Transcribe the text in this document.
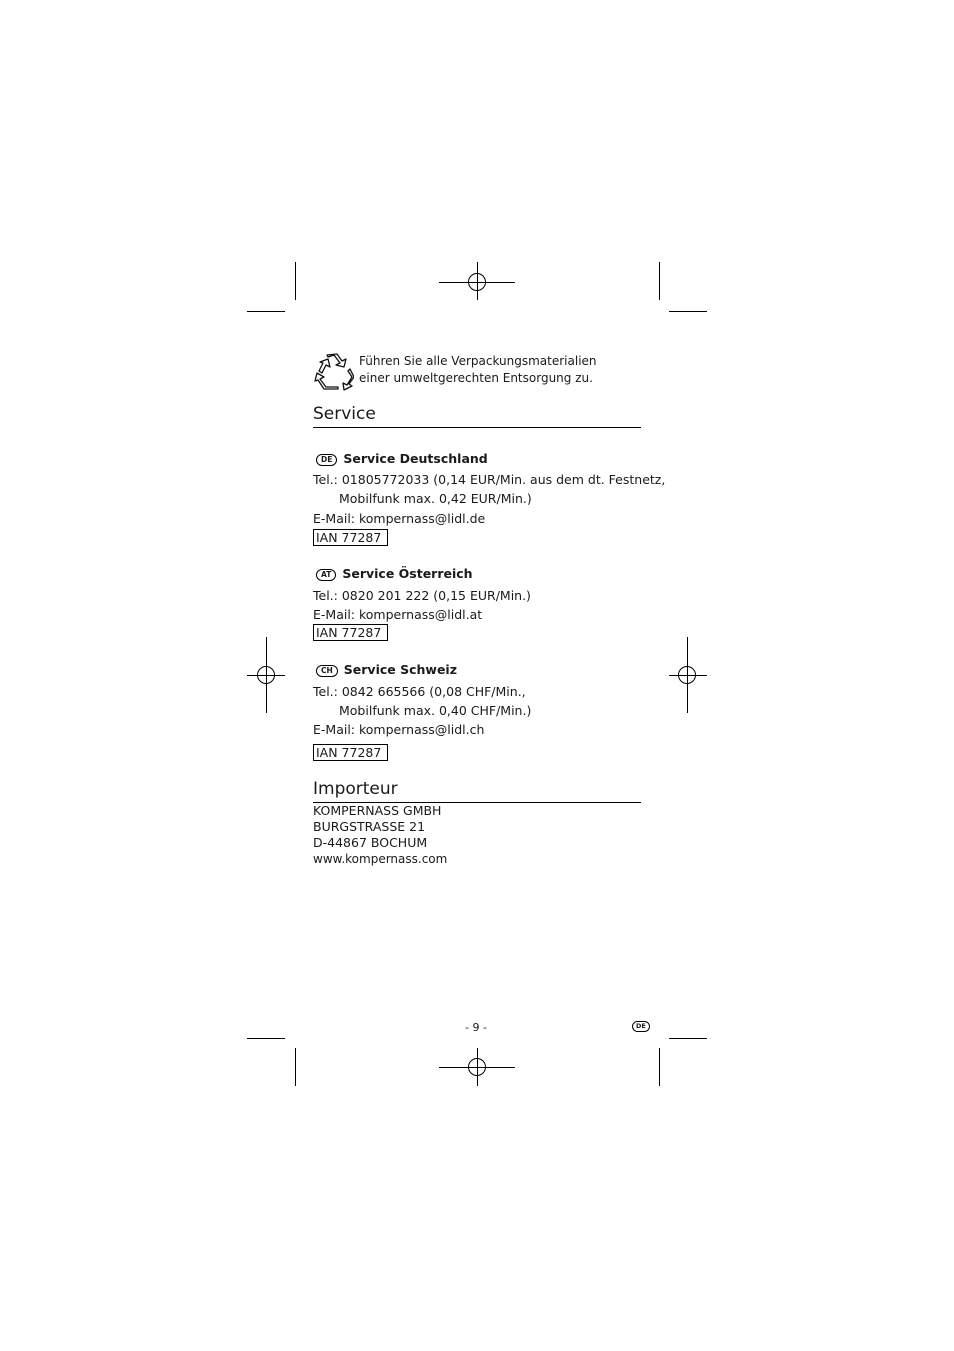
Führen Sie alle Verpackungsmaterialien
einer umweltgerechten Entsorgung zu.
Service
DE Service Deutschland
Tel.: 01805772033 (0,14 EUR/Min. aus dem dt. Festnetz,
Mobilfunk max. 0,42 EUR/Min.)
E-Mail: kompernass@lidl.de
IAN 77287
AT Service Österreich
Tel.: 0820 201 222 (0,15 EUR/Min.)
E-Mail: kompernass@lidl.at
IAN 77287
CH Service Schweiz
Tel.: 0842 665566 (0,08 CHF/Min.,
Mobilfunk max. 0,40 CHF/Min.)
E-Mail: kompernass@lidl.ch
IAN 77287
Importeur
KOMPERNASS GMBH
BURGSTRASSE 21
D-44867 BOCHUM
www.kompernass.com
- 9 -	DE
